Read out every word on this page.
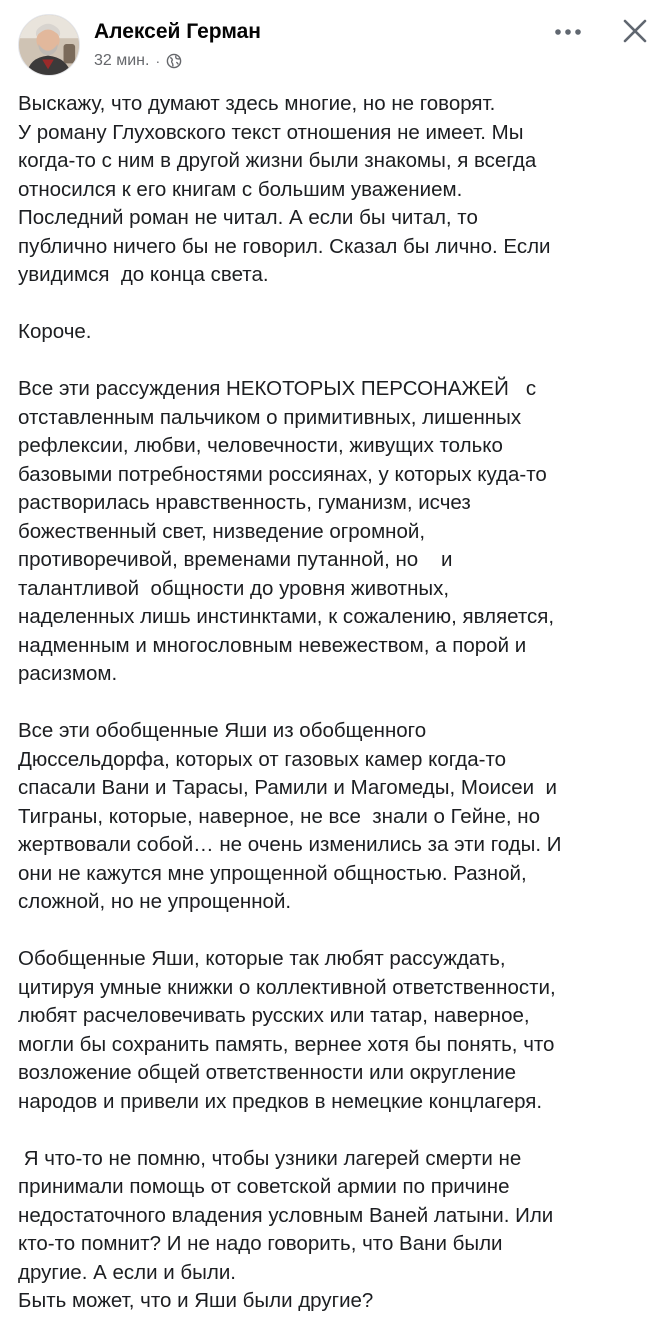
Алексей Герман
32 мин. ·

Выскажу, что думают здесь многие, но не говорят.
У роману Глуховского текст отношения не имеет. Мы
когда-то с ним в другой жизни были знакомы, я всегда
относился к его книгам с большим уважением.
Последний роман не читал. А если бы читал, то
публично ничего бы не говорил. Сказал бы лично. Если
увидимся  до конца света.

Короче.

Все эти рассуждения НЕКОТОРЫХ ПЕРСОНАЖЕЙ   с
отставленным пальчиком о примитивных, лишенных
рефлексии, любви, человечности, живущих только
базовыми потребностями россиянах, у которых куда-то
растворилась нравственность, гуманизм, исчез
божественный свет, низведение огромной,
противоречивой, временами путанной, но    и
талантливой  общности до уровня животных,
наделенных лишь инстинктами, к сожалению, является,
надменным и многословным невежеством, а порой и
расизмом.

Все эти обобщенные Яши из обобщенного
Дюссельдорфа, которых от газовых камер когда-то
спасали Вани и Тарасы, Рамили и Магомеды, Моисеи  и
Тиграны, которые, наверное, не все  знали о Гейне, но
жертвовали собой… не очень изменились за эти годы. И
они не кажутся мне упрощенной общностью. Разной,
сложной, но не упрощенной.

Обобщенные Яши, которые так любят рассуждать,
цитируя умные книжки о коллективной ответственности,
любят расчеловечивать русских или татар, наверное,
могли бы сохранить память, вернее хотя бы понять, что
возложение общей ответственности или округление
народов и привели их предков в немецкие концлагеря.

Я что-то не помню, чтобы узники лагерей смерти не
принимали помощь от советской армии по причине
недостаточного владения условным Ваней латыни. Или
кто-то помнит? И не надо говорить, что Вани были
другие. А если и были.
Быть может, что и Яши были другие?
